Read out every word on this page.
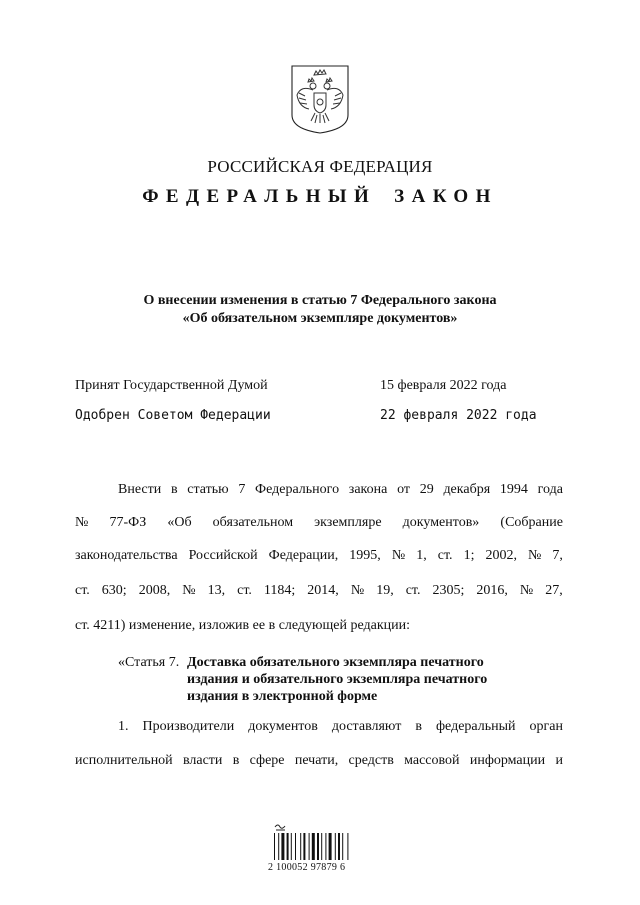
РОССИЙСКАЯ ФЕДЕРАЦИЯ
ФЕДЕРАЛЬНЫЙ ЗАКОН
О внесении изменения в статью 7 Федерального закона
«Об обязательном экземпляре документов»
Принят Государственной Думой	15 февраля 2022 года
Одобрен Советом Федерации	22 февраля 2022 года
Внести в статью 7 Федерального закона от 29 декабря 1994 года
№ 77-ФЗ «Об обязательном экземпляре документов» (Собрание
законодательства Российской Федерации, 1995, № 1, ст. 1; 2002, № 7,
ст. 630; 2008, № 13, ст. 1184; 2014, № 19, ст. 2305; 2016, № 27,
ст. 4211) изменение, изложив ее в следующей редакции:
«Статья 7. Доставка обязательного экземпляра печатного
издания и обязательного экземпляра печатного
издания в электронной форме
1. Производители документов доставляют в федеральный орган
исполнительной власти в сфере печати, средств массовой информации и
2 100052 97879 6
